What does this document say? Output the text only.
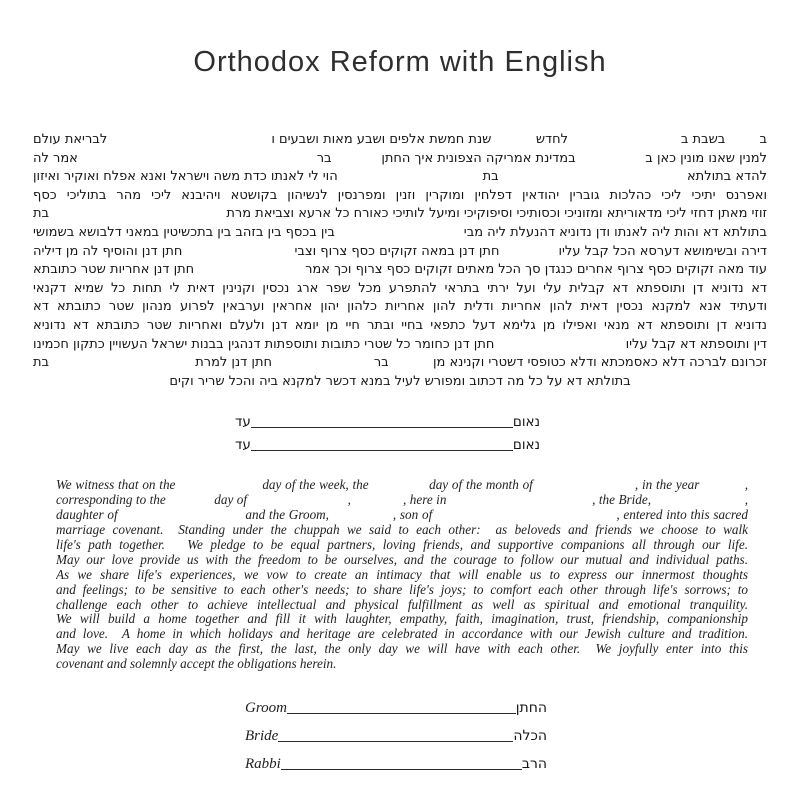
Orthodox Reform with English
ב
בשבת ב
לחדש
שנת חמשת אלפים ושבע מאות ושבעים ו
לבריאת עולם
למנין שאנו מונין כאן ב
במדינת אמריקה הצפונית איך החתן
בר
אמר לה
להדא בתולתא
בת
הוי לי לאנתו כדת משה וישראל ואנא אפלח ואוקיר ואיזון
ואפרנס יתיכי ליכי כהלכות גוברין יהודאין דפלחין ומוקרין וזנין ומפרנסין לנשיהון בקושטא ויהיבנא ליכי מהר בתוליכי כסף
זוזי מאתן דחזי ליכי מדאוריתא ומזוניכי וכסותיכי וסיפוקיכי ומיעל לותיכי כאורח כל ארעא וצביאת מרת
בת
בתולתא דא והות ליה לאנתו ודן נדוניא דהנעלת ליה מבי
בין בכסף בין בזהב בין בתכשיטין במאני דלבושא בשמושי
דירה ובשימושא דערסא הכל קבל עליו
חתן דנן במאה זקוקים כסף צרוף וצבי
חתן דנן והוסיף לה מן דיליה
עוד מאה זקוקים כסף צרוף אחרים כנגדן סך הכל מאתים זקוקים כסף צרוף וכך אמר
חתן דנן אחריות שטר כתובתא
דא נדוניא דן ותוספתא דא קבלית עלי ועל ירתי בתראי להתפרע מכל שפר ארג נכסין וקנינין דאית לי תחות כל שמיא דקנאי
ודעתיד אנא למקנא נכסין דאית להון אחריות ודלית להון אחריות כלהון יהון אחראין וערבאין לפרוע מנהון שטר כתובתא דא
נדוניא דן ותוספתא דא מנאי ואפילו מן גלימא דעל כתפאי בחיי ובתר חיי מן יומא דנן ולעלם ואחריות שטר כתובתא דא נדוניא
דין ותוספתא דא קבל עליו
חתן דנן כחומר כל שטרי כתובות ותוספתות דנהגין בבנות ישראל העשויין כתקון חכמינו
זכרונם לברכה דלא כאסמכתא ודלא כטופסי דשטרי וקנינא מן
בר
חתן דנן למרת
בת
בתולתא דא על כל מה דכתוב ומפורש לעיל במנא דכשר למקנא ביה והכל שריר וקים
נאום
עד
נאום
עד
We witness that on the                       day of the week, the                day of the month of                           , in the year            ,
corresponding to the              day of                             ,               , here in                                          , the Bride,                           ,
daughter of                                  and the Groom,                 , son of                                                 , entered into this sacred
marriage covenant.  Standing under the chuppah we said to each other:  as beloveds and friends we choose to walk
life's path together.   We pledge to be equal partners, loving friends, and supportive companions all through our life.
May our love provide us with the freedom to be ourselves, and the courage to follow our mutual and individual paths.
As we share life's experiences, we vow to create an intimacy that will enable us to express our innermost thoughts
and feelings; to be sensitive to each other's needs; to share life's joys; to comfort each other through life's sorrows; to
challenge each other to achieve intellectual and physical fulfillment as well as spiritual and emotional tranquility.
We will build a home together and fill it with laughter, empathy, faith, imagination, trust, friendship, companionship
and love.  A home in which holidays and heritage are celebrated in accordance with our Jewish culture and tradition.
May we live each day as the first, the last, the only day we will have with each other.  We joyfully enter into this
covenant and solemnly accept the obligations herein.
Groom	החתן
Bride	הכלה
Rabbi	הרב
